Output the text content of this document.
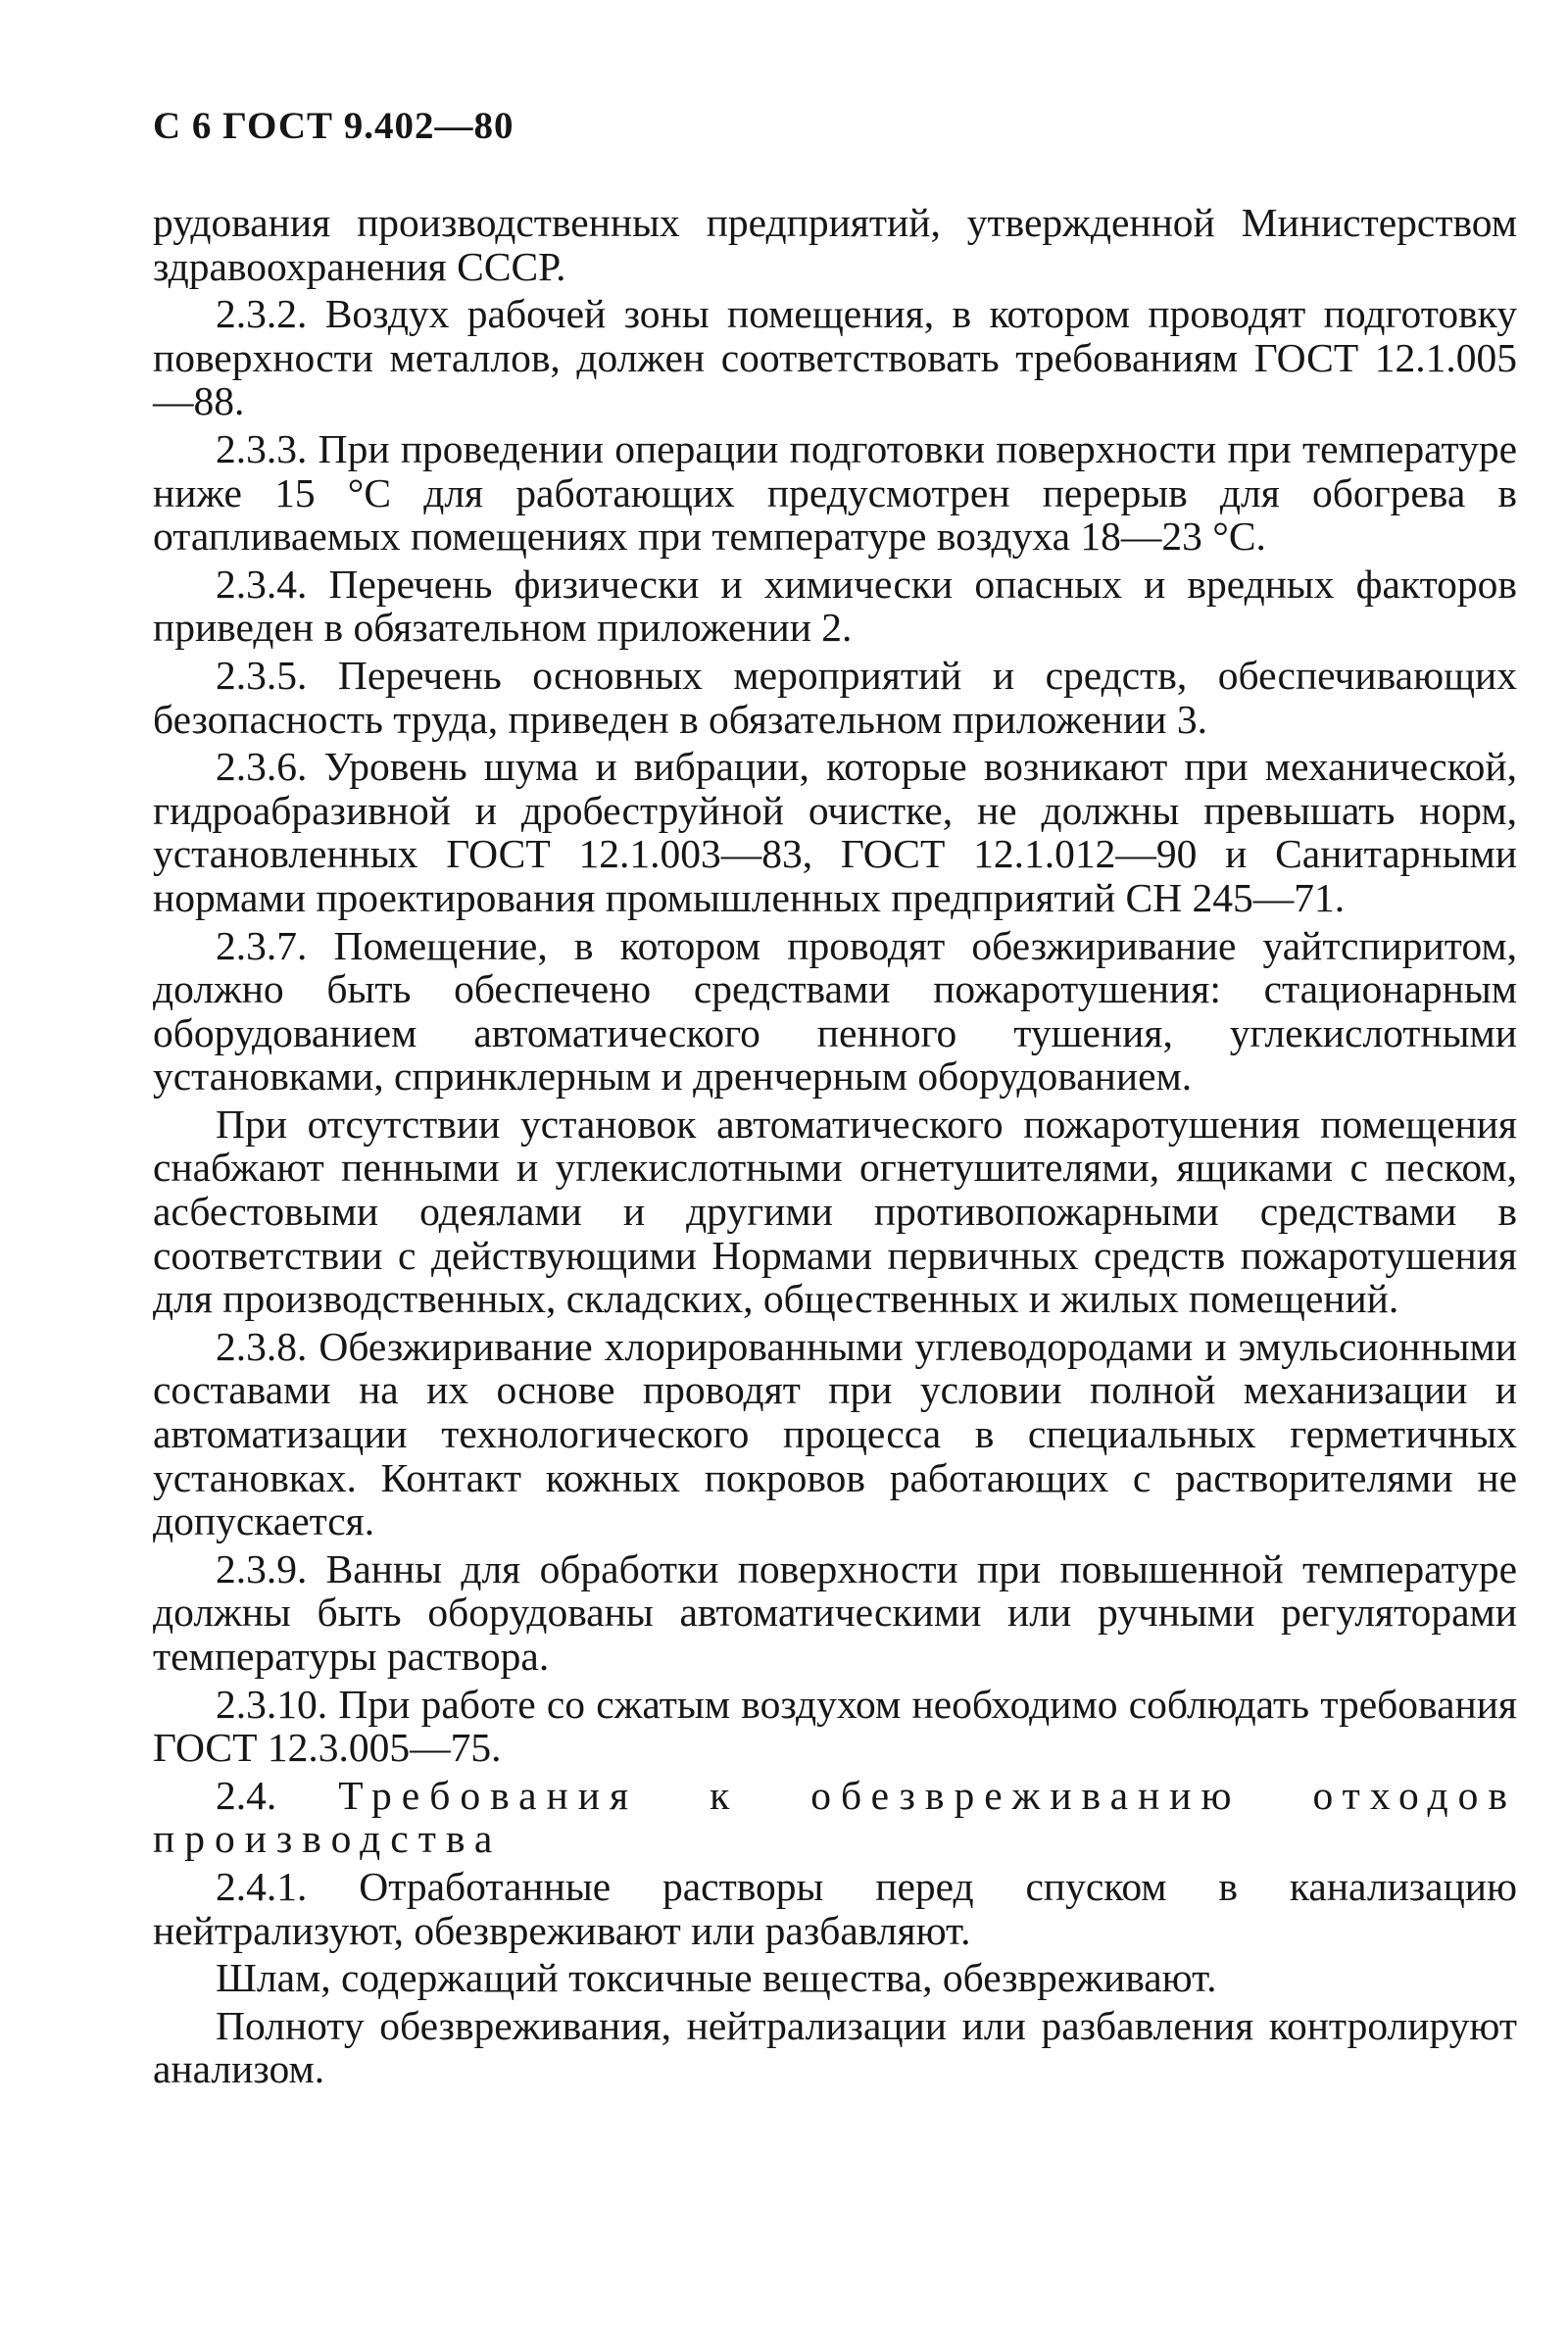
С 6 ГОСТ 9.402—80

рудования производственных предприятий, утвержденной Министерством здравоохранения СССР.

2.3.2. Воздух рабочей зоны помещения, в котором проводят подготовку поверхности металлов, должен соответствовать требованиям ГОСТ 12.1.005—88.

2.3.3. При проведении операции подготовки поверхности при температуре ниже 15 °С для работающих предусмотрен перерыв для обогрева в отапливаемых помещениях при температуре воздуха 18—23 °С.

2.3.4. Перечень физически и химически опасных и вредных факторов приведен в обязательном приложении 2.

2.3.5. Перечень основных мероприятий и средств, обеспечивающих безопасность труда, приведен в обязательном приложении 3.

2.3.6. Уровень шума и вибрации, которые возникают при механической, гидроабразивной и дробеструйной очистке, не должны превышать норм, установленных ГОСТ 12.1.003—83, ГОСТ 12.1.012—90 и Санитарными нормами проектирования промышленных предприятий СН 245—71.

2.3.7. Помещение, в котором проводят обезжиривание уайтспиритом, должно быть обеспечено средствами пожаротушения: стационарным оборудованием автоматического пенного тушения, углекислотными установками, спринклерным и дренчерным оборудованием.

При отсутствии установок автоматического пожаротушения помещения снабжают пенными и углекислотными огнетушителями, ящиками с песком, асбестовыми одеялами и другими противопожарными средствами в соответствии с действующими Нормами первичных средств пожаротушения для производственных, складских, общественных и жилых помещений.

2.3.8. Обезжиривание хлорированными углеводородами и эмульсионными составами на их основе проводят при условии полной механизации и автоматизации технологического процесса в специальных герметичных установках. Контакт кожных покровов работающих с растворителями не допускается.

2.3.9. Ванны для обработки поверхности при повышенной температуре должны быть оборудованы автоматическими или ручными регуляторами температуры раствора.

2.3.10. При работе со сжатым воздухом необходимо соблюдать требования ГОСТ 12.3.005—75.

2.4. Требования к обезвреживанию отходов производства

2.4.1. Отработанные растворы перед спуском в канализацию нейтрализуют, обезвреживают или разбавляют.

Шлам, содержащий токсичные вещества, обезвреживают.

Полноту обезвреживания, нейтрализации или разбавления контролируют анализом.
